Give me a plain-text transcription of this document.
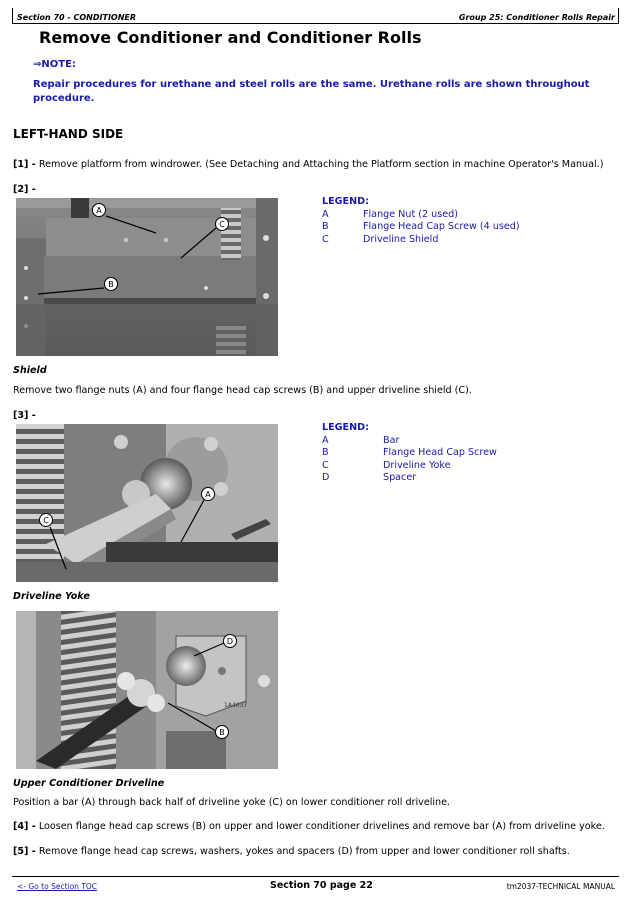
Section 70 - CONDITIONER	Group 25: Conditioner Rolls Repair
Remove Conditioner and Conditioner Rolls
⇒NOTE:
Repair procedures for urethane and steel rolls are the same. Urethane rolls are shown throughout procedure.
LEFT-HAND SIDE
[1] - Remove platform from windrower. (See Detaching and Attaching the Platform section in machine Operator's Manual.)
[2] -
A
C
B
LEGEND:
A	Flange Nut (2 used)
B	Flange Head Cap Screw (4 used)
C	Driveline Shield
Shield
Remove two flange nuts (A) and four flange head cap screws (B) and upper driveline shield (C).
[3] -
A
C
LEGEND:
A	Bar
B	Flange Head Cap Screw
C	Driveline Yoke
D	Spacer
Driveline Yoke
1A4037
D
B
Upper Conditioner Driveline
Position a bar (A) through back half of driveline yoke (C) on lower conditioner roll driveline.
[4] - Loosen flange head cap screws (B) on upper and lower conditioner drivelines and remove bar (A) from driveline yoke.
[5] - Remove flange head cap screws, washers, yokes and spacers (D) from upper and lower conditioner roll shafts.
<- Go to Section TOC	Section 70 page 22	tm2037-TECHNICAL MANUAL
